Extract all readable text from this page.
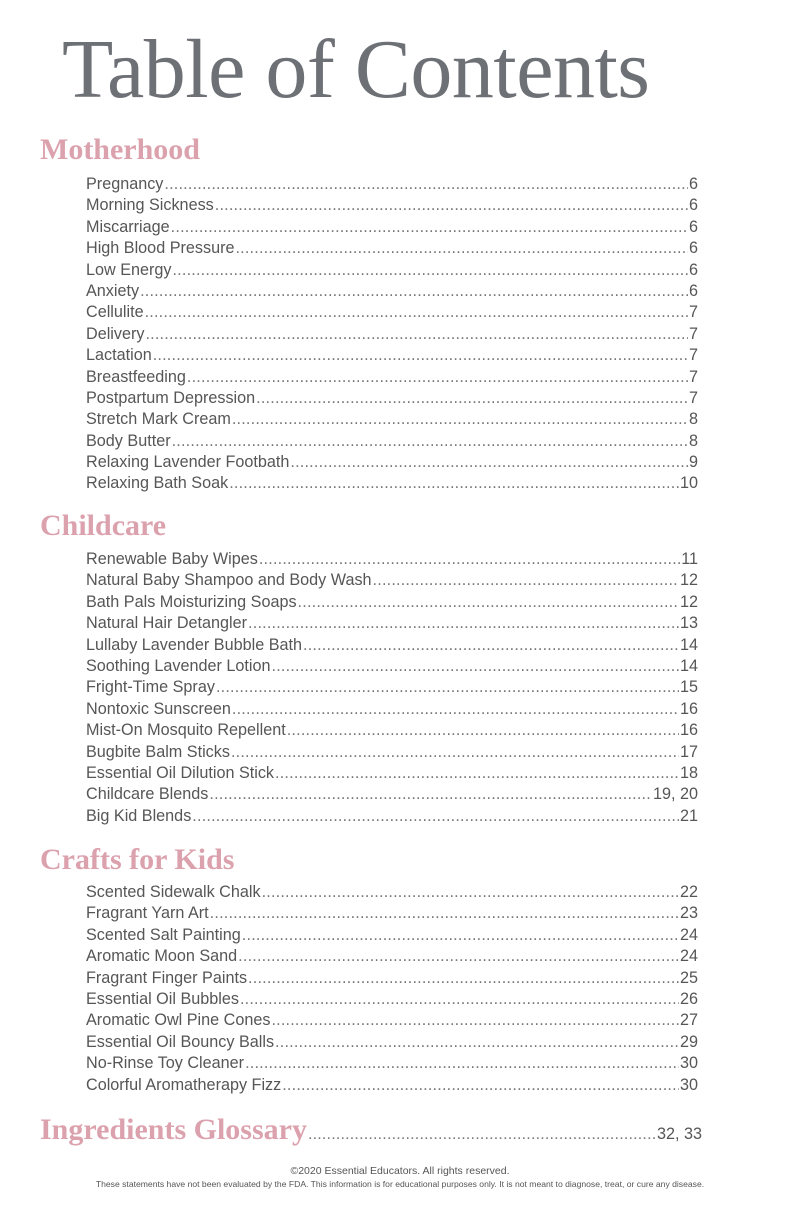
Table of Contents
Motherhood
Pregnancy .....	6
Morning Sickness .....	6
Miscarriage .....	6
High Blood Pressure .....	6
Low Energy .....	6
Anxiety .....	6
Cellulite .....	7
Delivery .....	7
Lactation .....	7
Breastfeeding .....	7
Postpartum Depression .....	7
Stretch Mark Cream .....	8
Body Butter .....	8
Relaxing Lavender Footbath .....	9
Relaxing Bath Soak .....	10
Childcare
Renewable Baby Wipes .....	11
Natural Baby Shampoo and Body Wash .....	12
Bath Pals Moisturizing Soaps .....	12
Natural Hair Detangler .....	13
Lullaby Lavender Bubble Bath .....	14
Soothing Lavender Lotion .....	14
Fright-Time Spray .....	15
Nontoxic Sunscreen .....	16
Mist-On Mosquito Repellent .....	16
Bugbite Balm Sticks .....	17
Essential Oil Dilution Stick .....	18
Childcare Blends .....	19, 20
Big Kid Blends .....	21
Crafts for Kids
Scented Sidewalk Chalk .....	22
Fragrant Yarn Art .....	23
Scented Salt Painting .....	24
Aromatic Moon Sand .....	24
Fragrant Finger Paints .....	25
Essential Oil Bubbles .....	26
Aromatic Owl Pine Cones .....	27
Essential Oil Bouncy Balls .....	29
No-Rinse Toy Cleaner .....	30
Colorful Aromatherapy Fizz .....	30
Ingredients Glossary .....	32, 33
©2020 Essential Educators. All rights reserved.
These statements have not been evaluated by the FDA. This information is for educational purposes only. It is not meant to diagnose, treat, or cure any disease.
